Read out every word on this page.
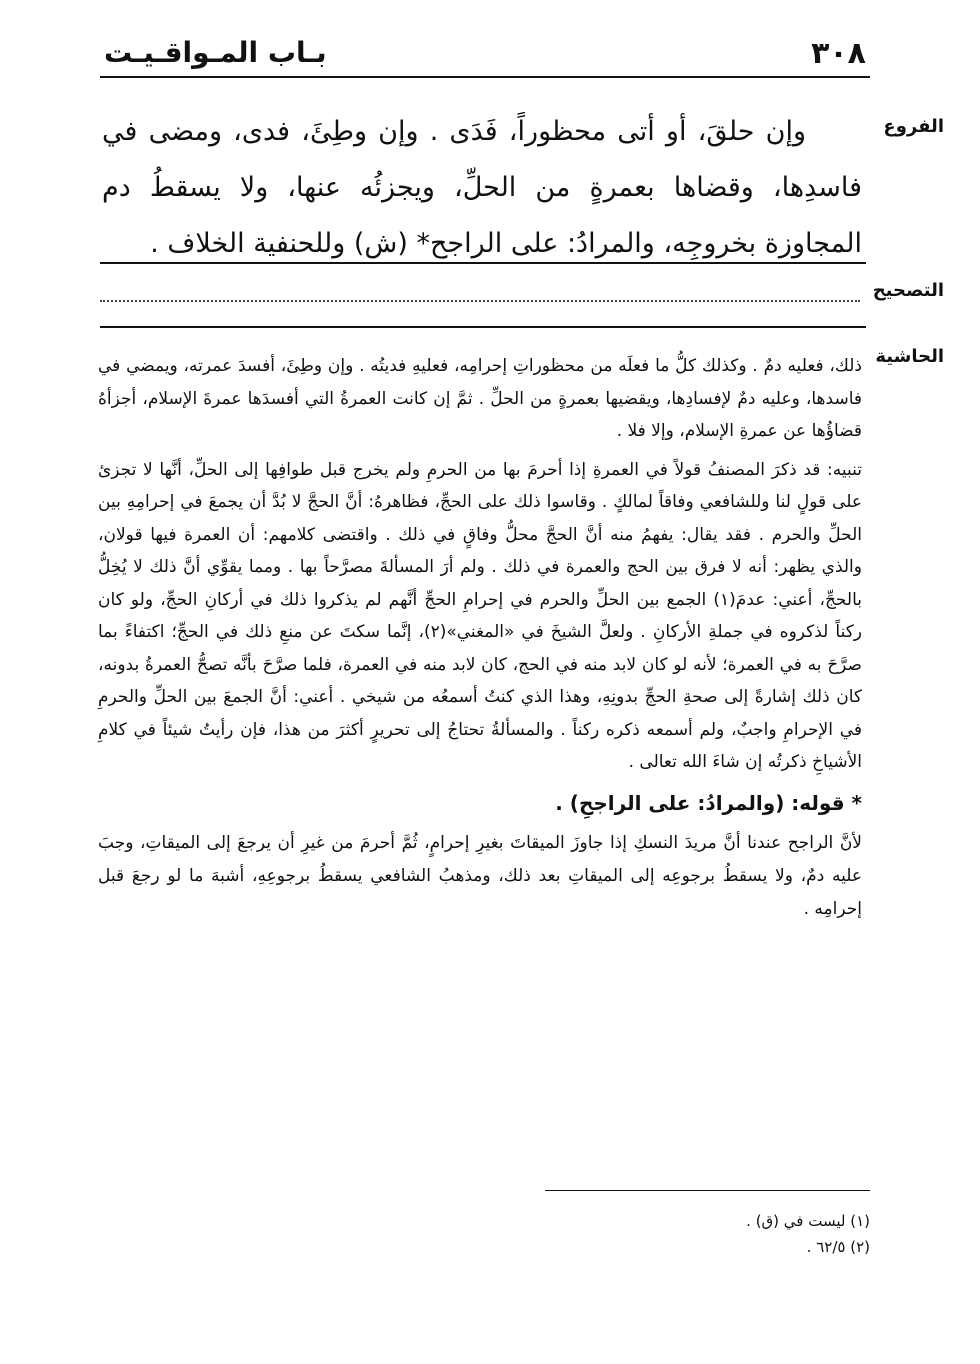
٣٠٨
بـاب المـواقـيـت
الفروع

وإن حلقَ، أو أتى محظوراً، فَدَى . وإن وطِئَ، فدى، ومضى في فاسدِها، وقضاها بعمرةٍ من الحلِّ، ويجزئُه عنها، ولا يسقطُ دم المجاوزة بخروجِه، والمرادُ: على الراجح* (ش) وللحنفية الخلاف .

التصحيح
الحاشية

ذلك، فعليه دمٌ . وكذلك كلُّ ما فعلَه من محظوراتِ إحرامِه، فعليهِ فديتُه . وإن وطِئَ، أفسدَ عمرته، ويمضي في فاسدها، وعليه دمٌ لإفسادِها، ويقضيها بعمرةٍ من الحلِّ . ثمَّ إن كانت العمرةُ التي أفسدَها عمرةَ الإسلام، أجزأهُ قضاؤُها عن عمرةِ الإسلام، وإلا فلا .

تنبيه: قد ذكرَ المصنفُ قولاً في العمرةِ إذا أحرمَ بها من الحرمِ ولم يخرج قبل طوافِها إلى الحلِّ، أنَّها لا تجزئ على قولٍ لنا وللشافعي وفاقاً لمالكٍ . وقاسوا ذلك على الحجِّ، فظاهرهُ: أنَّ الحجَّ لا بُدَّ أن يجمعَ في إحرامِهِ بين الحلِّ والحرم . فقد يقال: يفهمُ منه أنَّ الحجَّ محلُّ وفاقٍ في ذلك . واقتضى كلامهم: أن العمرة فيها قولان، والذي يظهر: أنه لا فرق بين الحج والعمرة في ذلك . ولم أرَ المسألةَ مصرَّحاً بها . ومما يقوِّي أنَّ ذلك لا يُخِلُّ بالحجِّ، أعني: عدمَ(١) الجمع بين الحلِّ والحرم في إحرامِ الحجِّ أنَّهم لم يذكروا ذلك في أركانِ الحجِّ، ولو كان ركناً لذكروه في جملةِ الأركانِ . ولعلَّ الشيخَ في «المغني»(٢)، إنَّما سكتَ عن منعِ ذلك في الحجِّ؛ اكتفاءً بما صرَّحَ به في العمرة؛ لأنه لو كان لابد منه في الحج، كان لابد منه في العمرة، فلما صرَّحَ بأنَّه تصحُّ العمرةُ بدونه، كان ذلك إشارةً إلى صحةِ الحجِّ بدونِهِ، وهذا الذي كنتُ أسمعُه من شيخي . أعني: أنَّ الجمعَ بين الحلِّ والحرمِ في الإحرامِ واجبٌ، ولم أسمعه ذكره ركناً . والمسألةُ تحتاجُ إلى تحريرٍ أكثرَ من هذا، فإن رأيتُ شيئاً في كلامِ الأشياخِ ذكرتُه إن شاءَ الله تعالى .

* قوله: (والمرادُ: على الراجحِ) .

لأنَّ الراجح عندنا أنَّ مريدَ النسكِ إذا جاوزَ الميقاتَ بغيرِ إحرامٍ، ثُمَّ أحرمَ من غيرِ أن يرجعَ إلى الميقاتِ، وجبَ عليه دمٌ، ولا يسقطُ برجوعِه إلى الميقاتِ بعد ذلك، ومذهبُ الشافعي يسقطُ برجوعِهِ، أشبهَ ما لو رجعَ قبل إحرامِه .

(١) ليست في (ق) .
(٢) ٦٢/٥ .
